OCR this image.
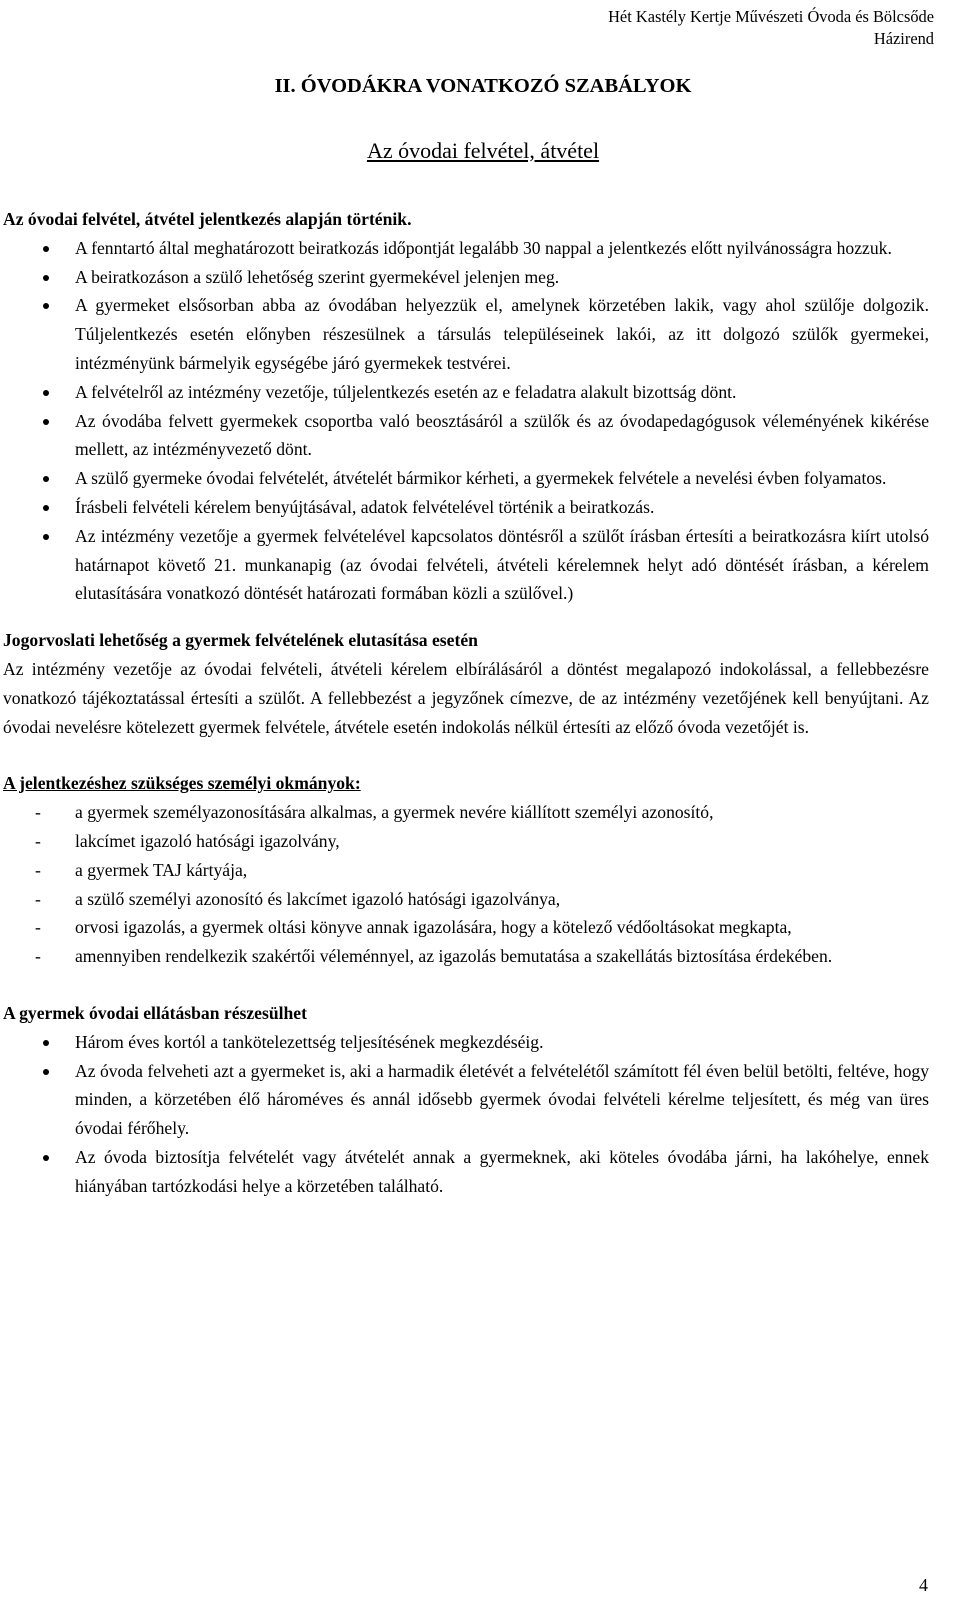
Hét Kastély Kertje Művészeti Óvoda és Bölcsőde
Házirend
II. ÓVODÁKRA VONATKOZÓ SZABÁLYOK
Az óvodai felvétel, átvétel
Az óvodai felvétel, átvétel jelentkezés alapján történik.
A fenntartó által meghatározott beiratkozás időpontját legalább 30 nappal a jelentkezés előtt nyilvánosságra hozzuk.
A beiratkozáson a szülő lehetőség szerint gyermekével jelenjen meg.
A gyermeket elsősorban abba az óvodában helyezzük el, amelynek körzetében lakik, vagy ahol szülője dolgozik. Túljelentkezés esetén előnyben részesülnek a társulás településeinek lakói, az itt dolgozó szülők gyermekei, intézményünk bármelyik egységébe járó gyermekek testvérei.
A felvételről az intézmény vezetője, túljelentkezés esetén az e feladatra alakult bizottság dönt.
Az óvodába felvett gyermekek csoportba való beosztásáról a szülők és az óvodapedagógusok véleményének kikérése mellett, az intézményvezető dönt.
A szülő gyermeke óvodai felvételét, átvételét bármikor kérheti, a gyermekek felvétele a nevelési évben folyamatos.
Írásbeli felvételi kérelem benyújtásával, adatok felvételével történik a beiratkozás.
Az intézmény vezetője a gyermek felvételével kapcsolatos döntésről a szülőt írásban értesíti a beiratkozásra kiírt utolsó határnapot követő 21. munkanapig (az óvodai felvételi, átvételi kérelemnek helyt adó döntését írásban, a kérelem elutasítására vonatkozó döntését határozati formában közli a szülővel.)
Jogorvoslati lehetőség a gyermek felvételének elutasítása esetén
Az intézmény vezetője az óvodai felvételi, átvételi kérelem elbírálásáról a döntést megalapozó indokolással, a fellebbezésre vonatkozó tájékoztatással értesíti a szülőt. A fellebbezést a jegyzőnek címezve, de az intézmény vezetőjének kell benyújtani. Az óvodai nevelésre kötelezett gyermek felvétele, átvétele esetén indokolás nélkül értesíti az előző óvoda vezetőjét is.
A jelentkezéshez szükséges személyi okmányok:
- a gyermek személyazonosítására alkalmas, a gyermek nevére kiállított személyi azonosító,
- lakcímet igazoló hatósági igazolvány,
- a gyermek TAJ kártyája,
- a szülő személyi azonosító és lakcímet igazoló hatósági igazolványa,
- orvosi igazolás, a gyermek oltási könyve annak igazolására, hogy a kötelező védőoltásokat megkapta,
- amennyiben rendelkezik szakértői véleménnyel, az igazolás bemutatása a szakellátás biztosítása érdekében.
A gyermek óvodai ellátásban részesülhet
Három éves kortól a tankötelezettség teljesítésének megkezdéséig.
Az óvoda felveheti azt a gyermeket is, aki a harmadik életévét a felvételétől számított fél éven belül betölti, feltéve, hogy minden, a körzetében élő hároméves és annál idősebb gyermek óvodai felvételi kérelme teljesített, és még van üres óvodai férőhely.
Az óvoda biztosítja felvételét vagy átvételét annak a gyermeknek, aki köteles óvodába járni, ha lakóhelye, ennek hiányában tartózkodási helye a körzetében található.
4
